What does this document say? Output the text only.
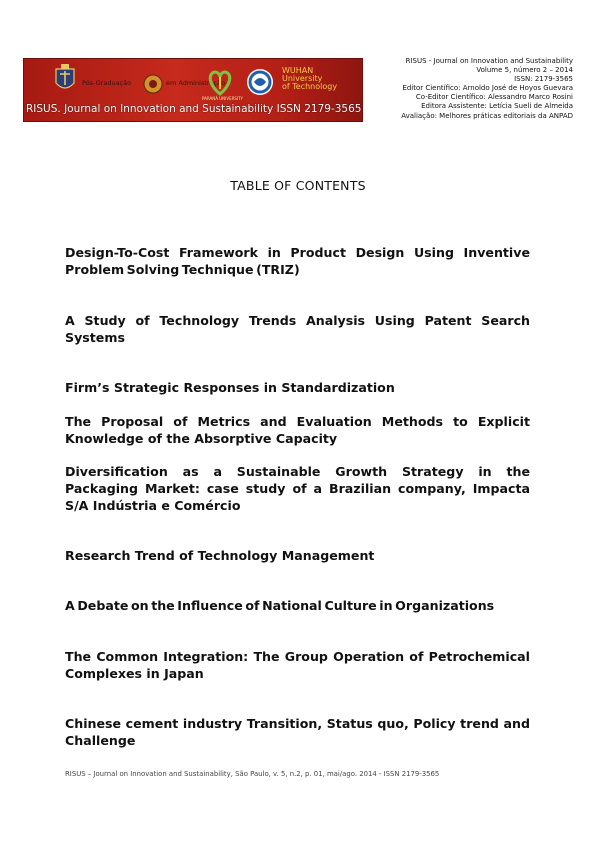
Pós-Graduação	em Administração
PARANÁ UNIVERSITY
WUHAN
University
of Technology
RISUS. Journal on Innovation and Sustainability ISSN 2179-3565
RISUS - Journal on Innovation and Sustainability
Volume 5, número 2 – 2014
ISSN: 2179-3565
Editor Científico: Arnoldo José de Hoyos Guevara
Co-Editor Científico: Alessandro Marco Rosini
Editora Assistente: Letícia Sueli de Almeida
Avaliação: Melhores práticas editoriais da ANPAD
TABLE OF CONTENTS
Design-To-Cost Framework in Product Design Using Inventive Problem Solving Technique (TRIZ)
A Study of Technology Trends Analysis Using Patent Search Systems
Firm’s Strategic Responses in Standardization
The Proposal of Metrics and Evaluation Methods to Explicit Knowledge of the Absorptive Capacity
Diversification as a Sustainable Growth Strategy in the Packaging Market: case study of a Brazilian company, Impacta S/A Indústria e Comércio
Research Trend of Technology Management
A Debate on the Influence of National Culture in Organizations
The Common Integration: The Group Operation of Petrochemical Complexes in Japan
Chinese cement industry Transition, Status quo, Policy trend and Challenge
RISUS – Journal on Innovation and Sustainability, São Paulo, v. 5, n.2, p. 01, mai/ago. 2014 - ISSN 2179-3565
